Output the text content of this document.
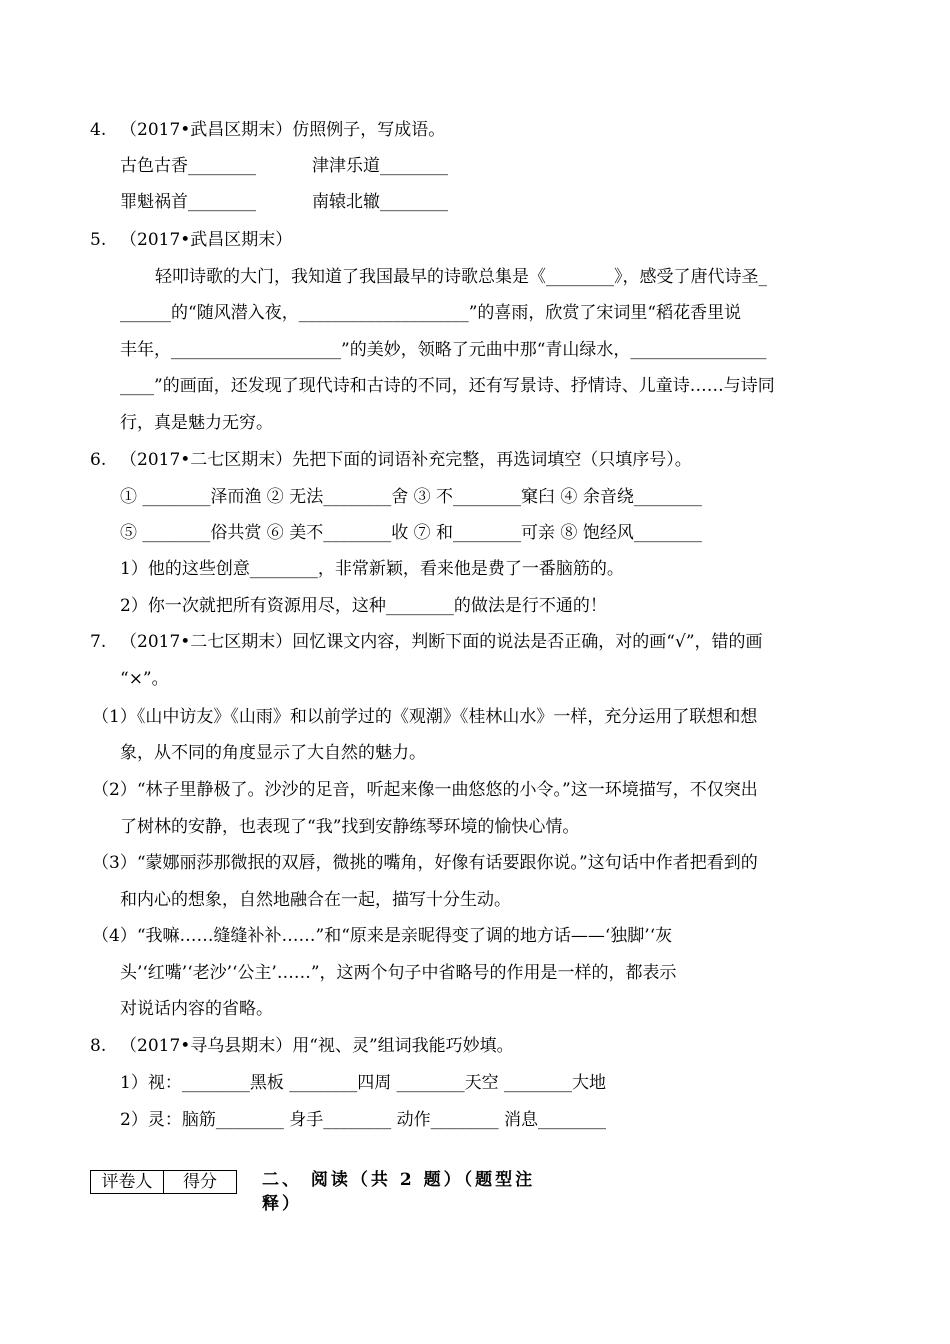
4. （2017•武昌区期末）仿照例子，写成语。
古色古香________	津津乐道________
罪魁祸首________	南辕北辙________
5. （2017•武昌区期末）
轻叩诗歌的大门，我知道了我国最早的诗歌总集是《________》，感受了唐代诗圣_
______的“随风潜入夜，____________________”的喜雨，欣赏了宋词里“稻花香里说
丰年，____________________”的美妙，领略了元曲中那“青山绿水，________________
____”的画面，还发现了现代诗和古诗的不同，还有写景诗、抒情诗、儿童诗……与诗同
行，真是魅力无穷。
6. （2017•二七区期末）先把下面的词语补充完整，再选词填空（只填序号）。
① ________泽而渔 ② 无法________舍 ③ 不________窠臼 ④ 余音绕________
⑤ ________俗共赏 ⑥ 美不________收 ⑦ 和________可亲 ⑧ 饱经风________
1）他的这些创意________，非常新颖，看来他是费了一番脑筋的。
2）你一次就把所有资源用尽，这种________的做法是行不通的！
7. （2017•二七区期末）回忆课文内容，判断下面的说法是否正确，对的画“√”，错的画
“×”。
（1）《山中访友》《山雨》和以前学过的《观潮》《桂林山水》一样，充分运用了联想和想
象，从不同的角度显示了大自然的魅力。
（2）“林子里静极了。沙沙的足音，听起来像一曲悠悠的小令。”这一环境描写，不仅突出
了树林的安静，也表现了“我”找到安静练琴环境的愉快心情。
（3）“蒙娜丽莎那微抿的双唇，微挑的嘴角，好像有话要跟你说。”这句话中作者把看到的
和内心的想象，自然地融合在一起，描写十分生动。
（4）“我嘛……缝缝补补……”和“原来是亲昵得变了调的地方话——‘独脚’‘灰
头’‘红嘴’‘老沙’‘公主’……”，这两个句子中省略号的作用是一样的，都表示
对说话内容的省略。
8. （2017•寻乌县期末）用“视、灵”组词我能巧妙填。
1）视：________黑板 ________四周 ________天空 ________大地
2）灵：脑筋________ 身手________ 动作________ 消息________
评卷人	得分	二、 阅读（共 2 题）（题型注
释）
